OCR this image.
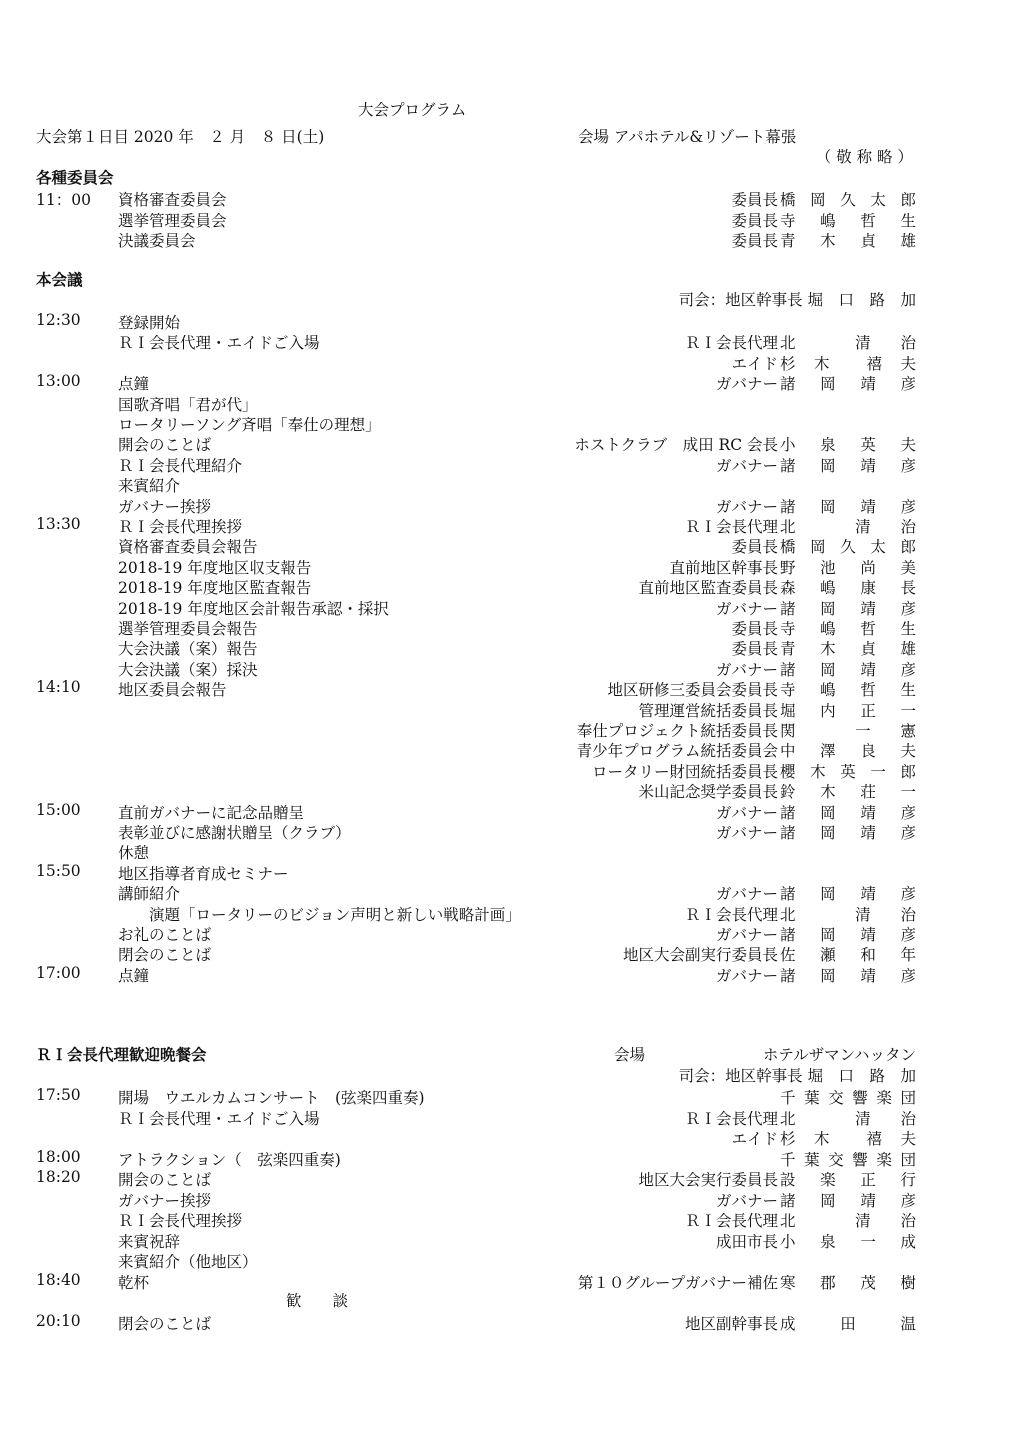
大会プログラム
大会第１日目 2020 年　２ 月　８ 日(土)	会場 アパホテル&リゾート幕張
（ 敬 称 略 ）
各種委員会
11：00 資格審査委員会	委員長 橋 岡 久 太 郎
選挙管理委員会	委員長 寺 嶋 哲 生
決議委員会	委員長 青 木 貞 雄
本会議
司会：地区幹事長 堀　口　路　加
12:30 登録開始
ＲＩ会長代理・エイドご入場	ＲＩ会長代理 北	清 治
エイド 杉 木 禧 夫
13:00 点鐘	ガバナー 諸 岡 靖 彦
国歌斉唱「君が代」
ロータリーソング斉唱「奉仕の理想」
開会のことば	ホストクラブ　成田 RC 会長 小 泉 英 夫
ＲＩ会長代理紹介	ガバナー 諸 岡 靖 彦
来賓紹介
ガバナー挨拶	ガバナー 諸 岡 靖 彦
13:30 ＲＩ会長代理挨拶	ＲＩ会長代理 北	清 治
資格審査委員会報告	委員長 橋 岡 久 太 郎
2018-19 年度地区収支報告	直前地区幹事長 野 池 尚 美
2018-19 年度地区監査報告	直前地区監査委員長 森 嶋 康 長
2018-19 年度地区会計報告承認・採択	ガバナー 諸 岡 靖 彦
選挙管理委員会報告	委員長 寺 嶋 哲 生
大会決議（案）報告	委員長 青 木 貞 雄
大会決議（案）採決	ガバナー 諸 岡 靖 彦
14:10 地区委員会報告	地区研修三委員会委員長 寺 嶋 哲 生
管理運営統括委員長 堀 内 正 一
奉仕プロジェクト統括委員長 関	一 憲
青少年プログラム統括委員会 中 澤 良 夫
ロータリー財団統括委員長 櫻 木 英 一 郎
米山記念奨学委員長 鈴 木 荘 一
15:00 直前ガバナーに記念品贈呈	ガバナー 諸 岡 靖 彦
表彰並びに感謝状贈呈（クラブ）	ガバナー 諸 岡 靖 彦
休憩
15:50 地区指導者育成セミナー
講師紹介	ガバナー 諸 岡 靖 彦
　　演題「ロータリーのビジョン声明と新しい戦略計画」	ＲＩ会長代理 北	清 治
お礼のことば	ガバナー 諸 岡 靖 彦
閉会のことば	地区大会副実行委員長 佐 瀬 和 年
17:00 点鐘	ガバナー 諸 岡 靖 彦
ＲＩ会長代理歓迎晩餐会	会場	ホテルザマンハッタン
司会：地区幹事長 堀　口　路　加
17:50 開場　ウエルカムコンサート　(弦楽四重奏)	千 葉 交 響 楽 団
ＲＩ会長代理・エイドご入場	ＲＩ会長代理 北	清 治
エイド 杉 木 禧 夫
18:00 アトラクション（　弦楽四重奏)	千 葉 交 響 楽 団
18:20 開会のことば	地区大会実行委員長 設 楽 正 行
ガバナー挨拶	ガバナー 諸 岡 靖 彦
ＲＩ会長代理挨拶	ＲＩ会長代理 北	清 治
来賓祝辞	成田市長 小 泉 一 成
来賓紹介（他地区）
18:40 乾杯	第１０グループガバナー補佐 寒 郡 茂 樹
20:10 閉会のことば	地区副幹事長 成	田	温
歓　　談
